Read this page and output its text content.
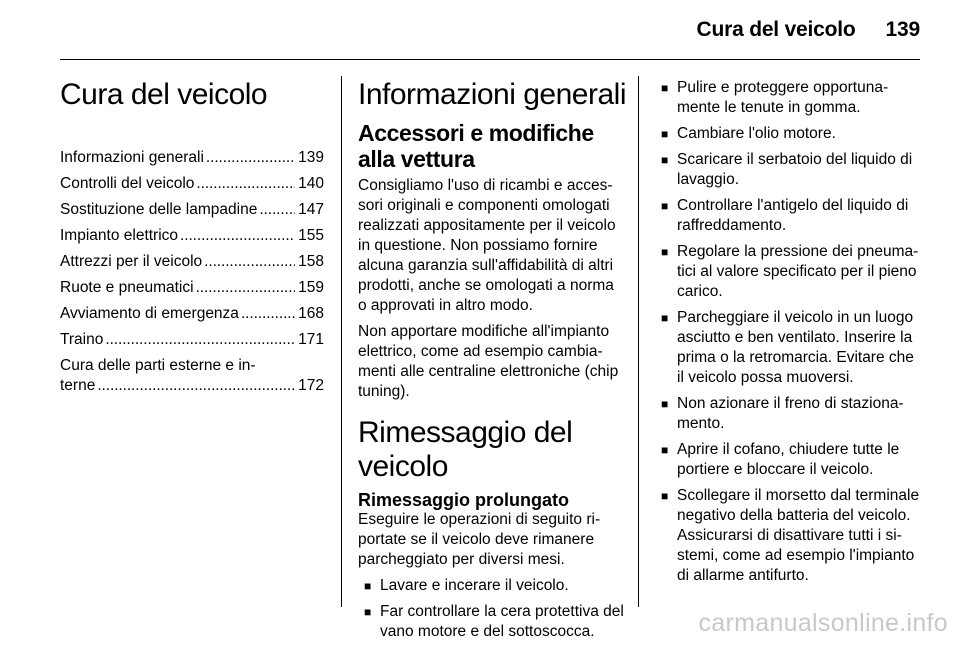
Cura del veicolo 139
Cura del veicolo
Informazioni generali . . .	139
Controlli del veicolo . . .	140
Sostituzione delle lampadine . . .	147
Impianto elettrico . . .	155
Attrezzi per il veicolo . . .	158
Ruote e pneumatici . . .	159
Avviamento di emergenza . . .	168
Traino . . .	171
Cura delle parti esterne e in-
terne . . .	172
Informazioni generali
Accessori e modifiche alla vettura

Consigliamo l'uso di ricambi e acces-sori originali e componenti omologati realizzati appositamente per il veicolo in questione. Non possiamo fornire alcuna garanzia sull'affidabilità di altri prodotti, anche se omologati a norma o approvati in altro modo.

Non apportare modifiche all'impianto elettrico, come ad esempio cambia-menti alle centraline elettroniche (chip tuning).

Rimessaggio del veicolo
Rimessaggio prolungato

Eseguire le operazioni di seguito ri-portate se il veicolo deve rimanere parcheggiato per diversi mesi.

■ Lavare e incerare il veicolo.
■ Far controllare la cera protettiva del vano motore e del sottoscocca.
■ Pulire e proteggere opportuna-mente le tenute in gomma.
■ Cambiare l'olio motore.
■ Scaricare il serbatoio del liquido di lavaggio.
■ Controllare l'antigelo del liquido di raffreddamento.
■ Regolare la pressione dei pneuma-tici al valore specificato per il pieno carico.
■ Parcheggiare il veicolo in un luogo asciutto e ben ventilato. Inserire la prima o la retromarcia. Evitare che il veicolo possa muoversi.
■ Non azionare il freno di staziona-mento.
■ Aprire il cofano, chiudere tutte le portiere e bloccare il veicolo.
■ Scollegare il morsetto dal terminale negativo della batteria del veicolo. Assicurarsi di disattivare tutti i si-stemi, come ad esempio l'impianto di allarme antifurto.
carmanualsonline.info
